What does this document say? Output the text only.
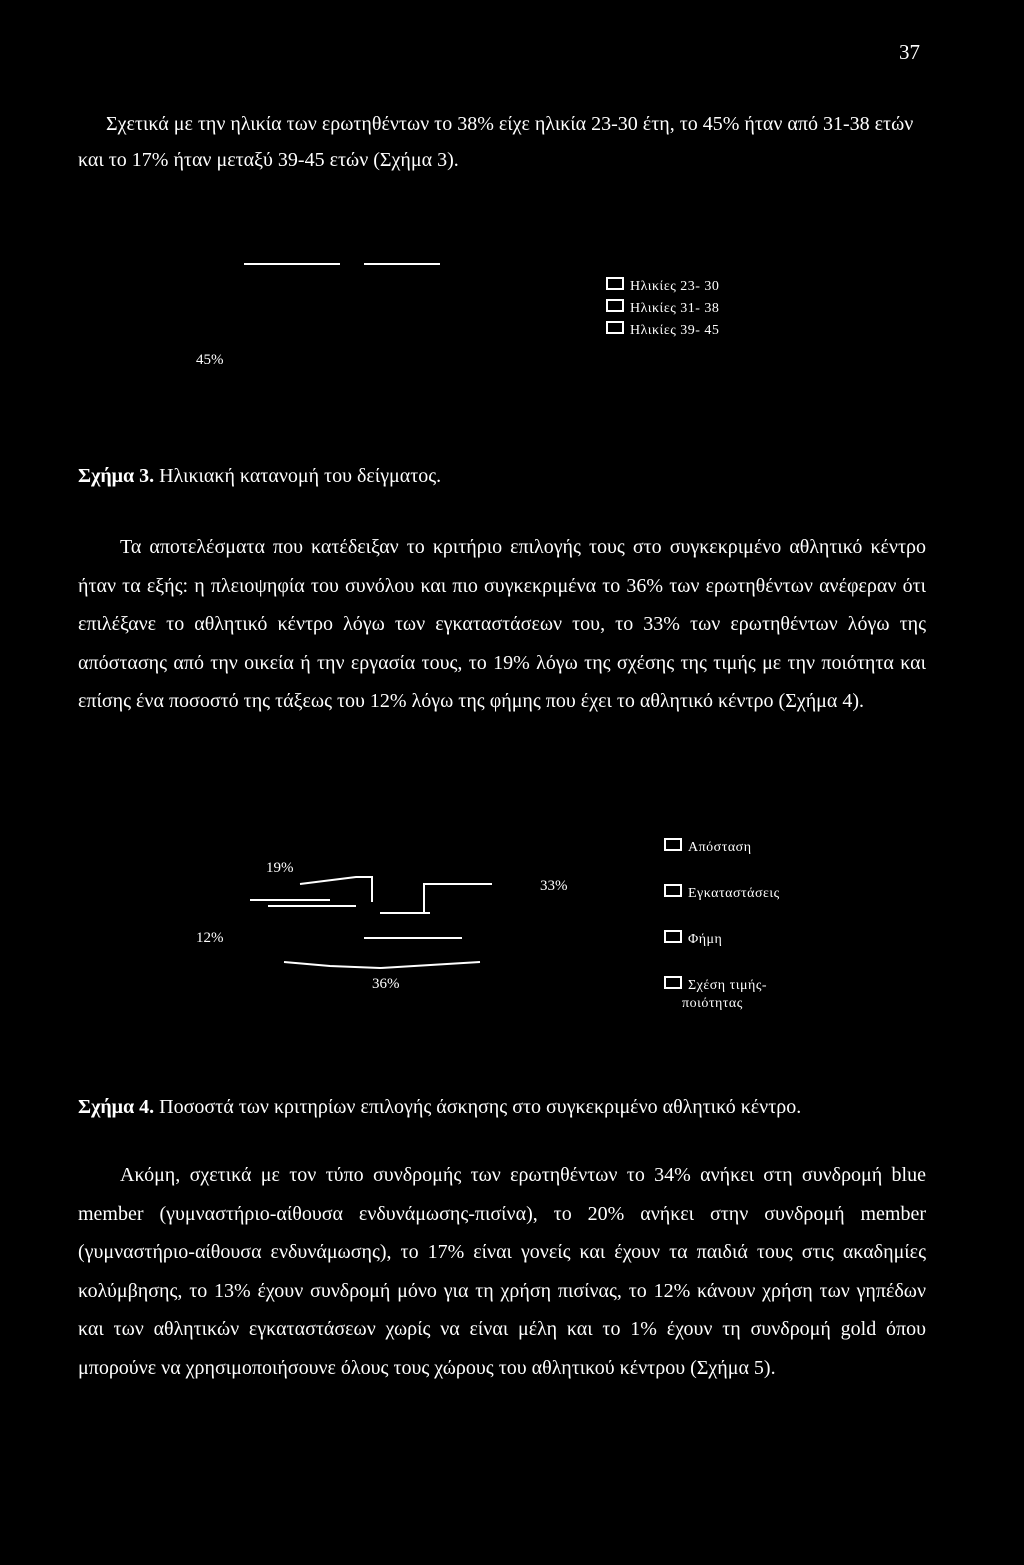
37

Σχετικά με την ηλικία των ερωτηθέντων το 38% είχε ηλικία 23-30 έτη, το 45% ήταν από 31-38 ετών και το 17% ήταν μεταξύ 39-45 ετών (Σχήμα 3).

45%
Ηλικίες 23- 30
Ηλικίες 31- 38
Ηλικίες 39- 45
Σχήμα 3. Ηλικιακή κατανομή του δείγματος.

Τα αποτελέσματα που κατέδειξαν το κριτήριο επιλογής τους στο συγκεκριμένο αθλητικό κέντρο ήταν τα εξής: η πλειοψηφία του συνόλου και πιο συγκεκριμένα το 36% των ερωτηθέντων ανέφεραν ότι επιλέξανε το αθλητικό κέντρο λόγω των εγκαταστάσεων του, το 33% των ερωτηθέντων λόγω της απόστασης από την οικεία ή την εργασία τους, το 19% λόγω της σχέσης της τιμής με την ποιότητα και επίσης ένα ποσοστό της τάξεως του 12% λόγω της φήμης που έχει το αθλητικό κέντρο (Σχήμα 4).

19%
33%
12%
36%
Απόσταση
Εγκαταστάσεις
Φήμη
Σχέση τιμής-
ποιότητας
Σχήμα 4. Ποσοστά των κριτηρίων επιλογής άσκησης στο συγκεκριμένο αθλητικό κέντρο.

Ακόμη, σχετικά με τον τύπο συνδρομής των ερωτηθέντων το 34% ανήκει στη συνδρομή blue member (γυμναστήριο-αίθουσα ενδυνάμωσης-πισίνα), το 20% ανήκει στην συνδρομή member (γυμναστήριο-αίθουσα ενδυνάμωσης), το 17% είναι γονείς και έχουν τα παιδιά τους στις ακαδημίες κολύμβησης, το 13% έχουν συνδρομή μόνο για τη χρήση πισίνας, το 12% κάνουν χρήση των γηπέδων και των αθλητικών εγκαταστάσεων χωρίς να είναι μέλη και το 1% έχουν τη συνδρομή gold όπου μπορούνε να χρησιμοποιήσουνε όλους τους χώρους του αθλητικού κέντρου (Σχήμα 5).
